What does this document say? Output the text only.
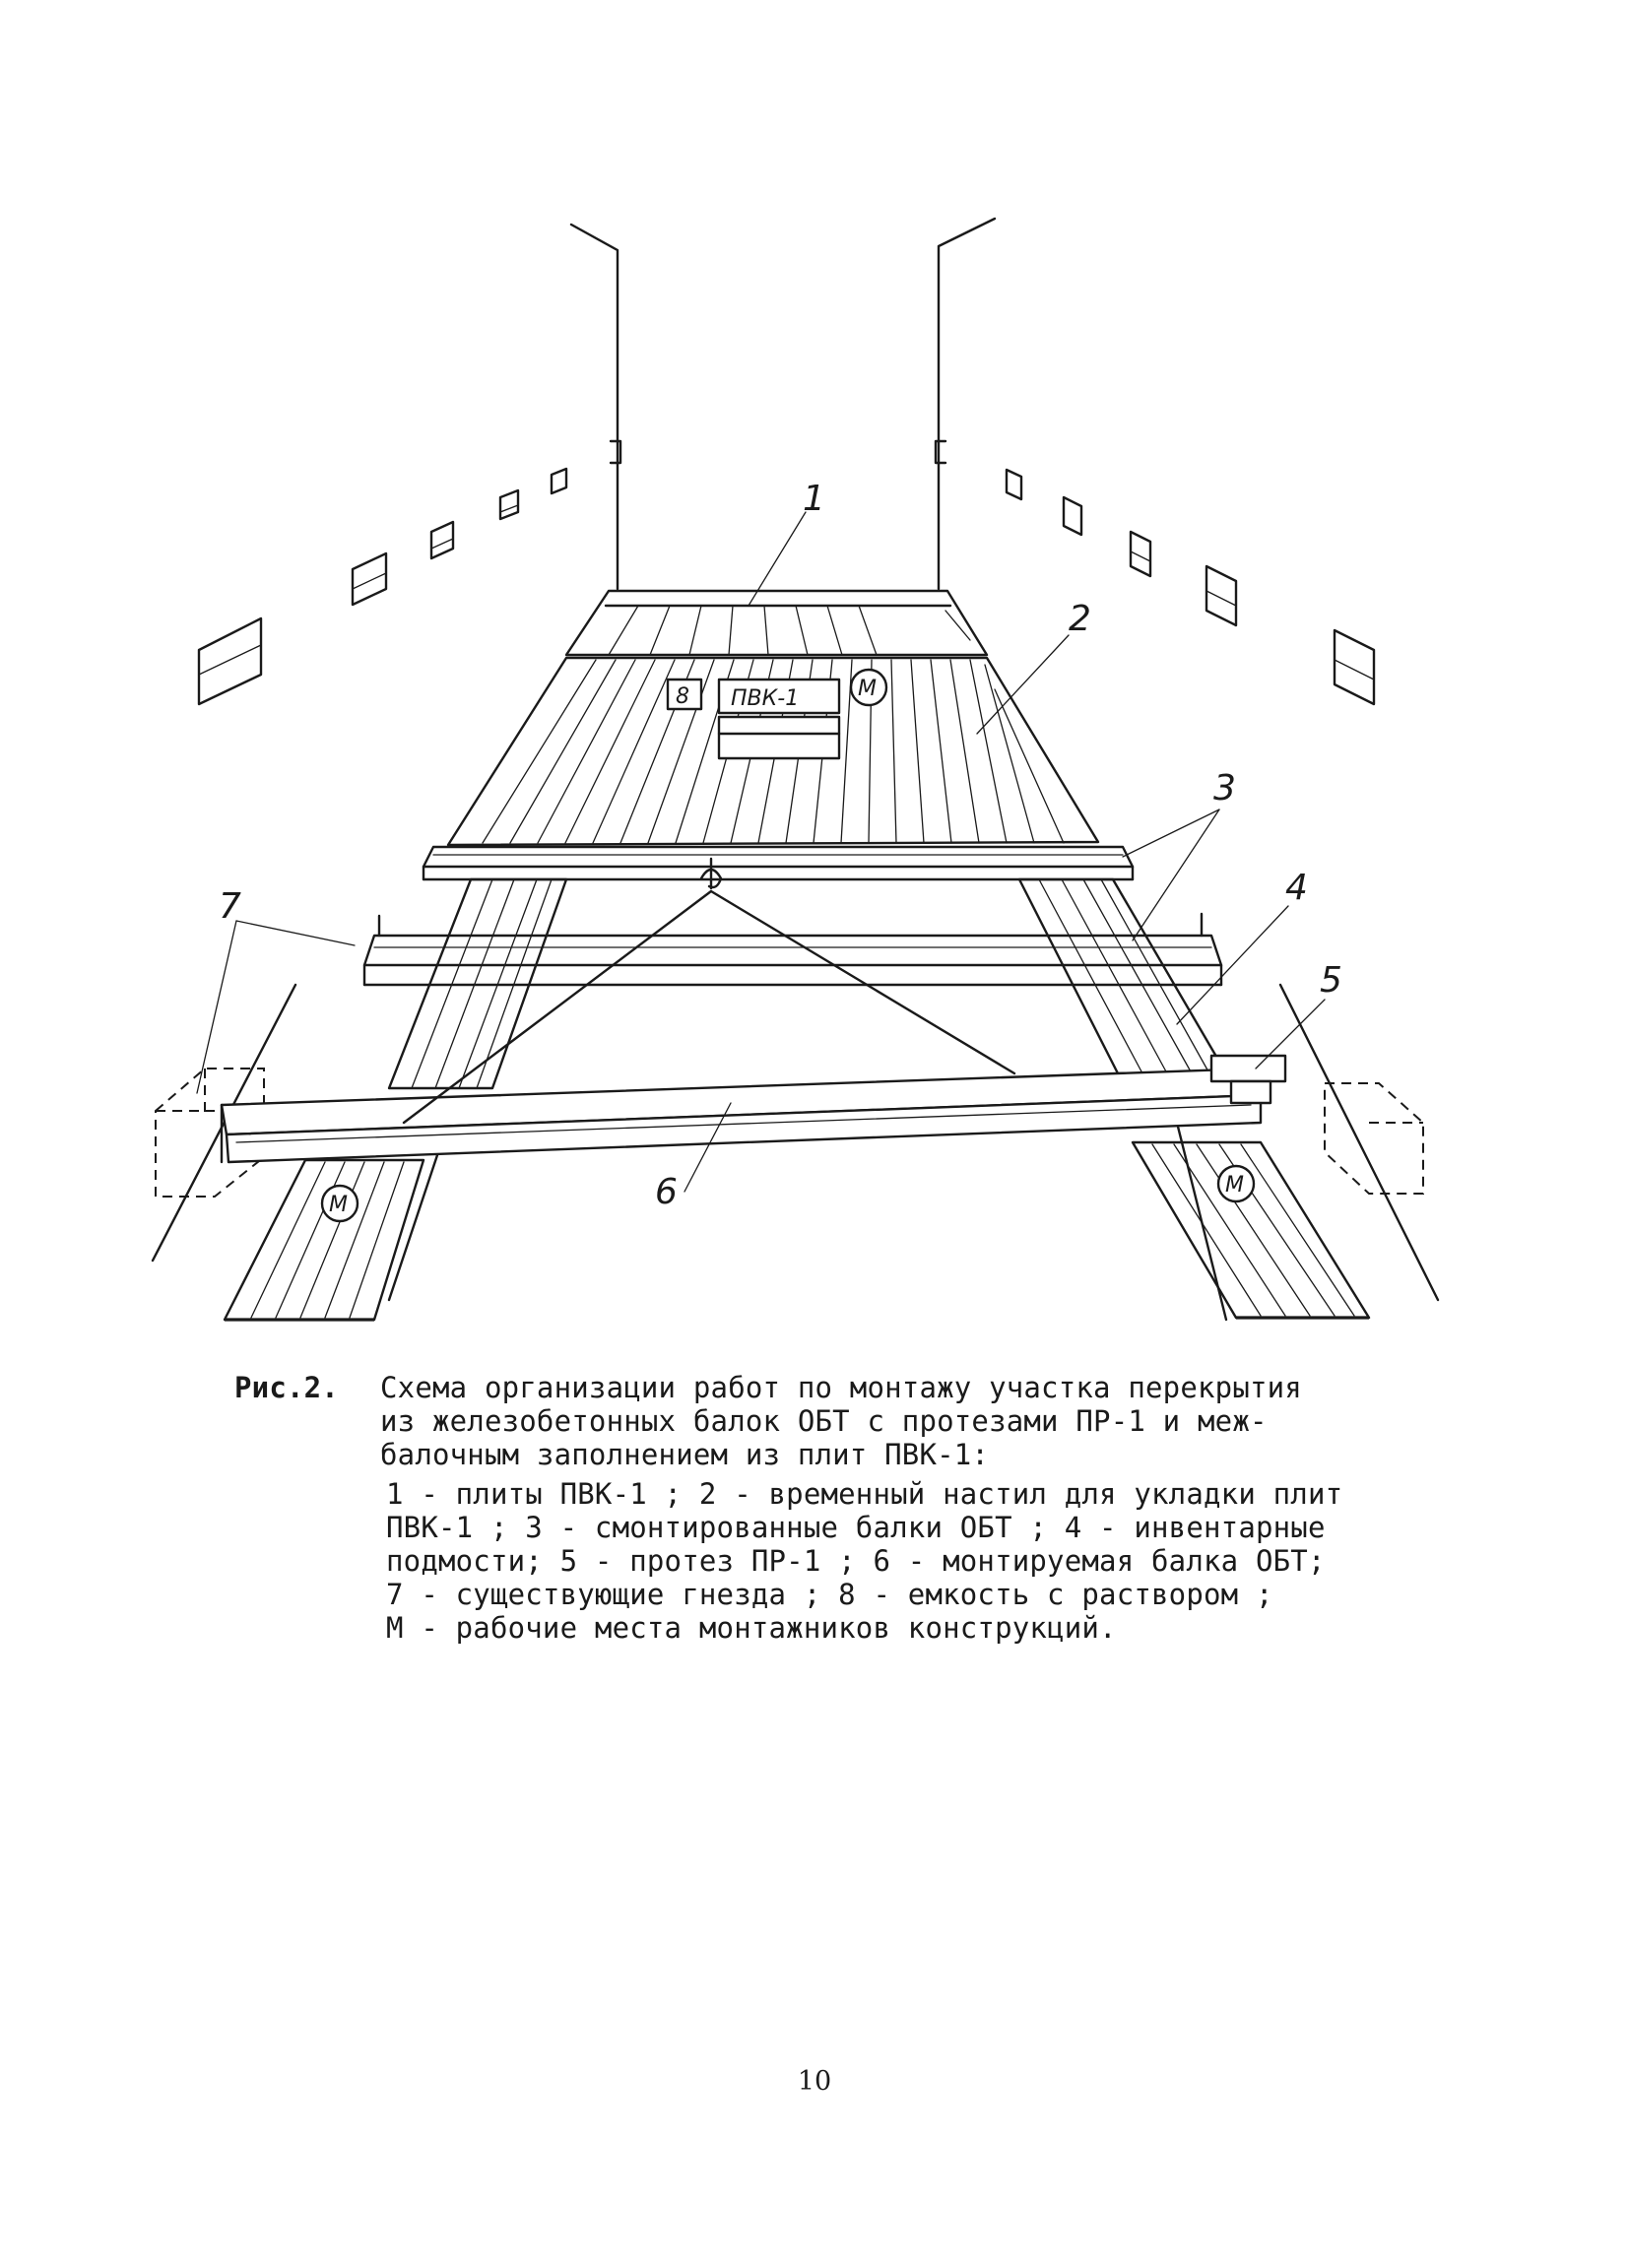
1
2
3
4
5
6
7
8 ПВК-1	М
М
М
Рис.2.	Схема организации работ по монтажу участка перекрытия
из железобетонных балок ОБТ с протезами ПР-1 и меж-
балочным заполнением из плит ПВК-1:
1 - плиты ПВК-1 ; 2 - временный настил для укладки плит
ПВК-1 ; 3 - смонтированные балки ОБТ ; 4 - инвентарные
подмости; 5 - протез ПР-1 ; 6 - монтируемая балка ОБТ;
7 - существующие гнезда ; 8 - емкость с раствором ;
М - рабочие места монтажников конструкций.
10
